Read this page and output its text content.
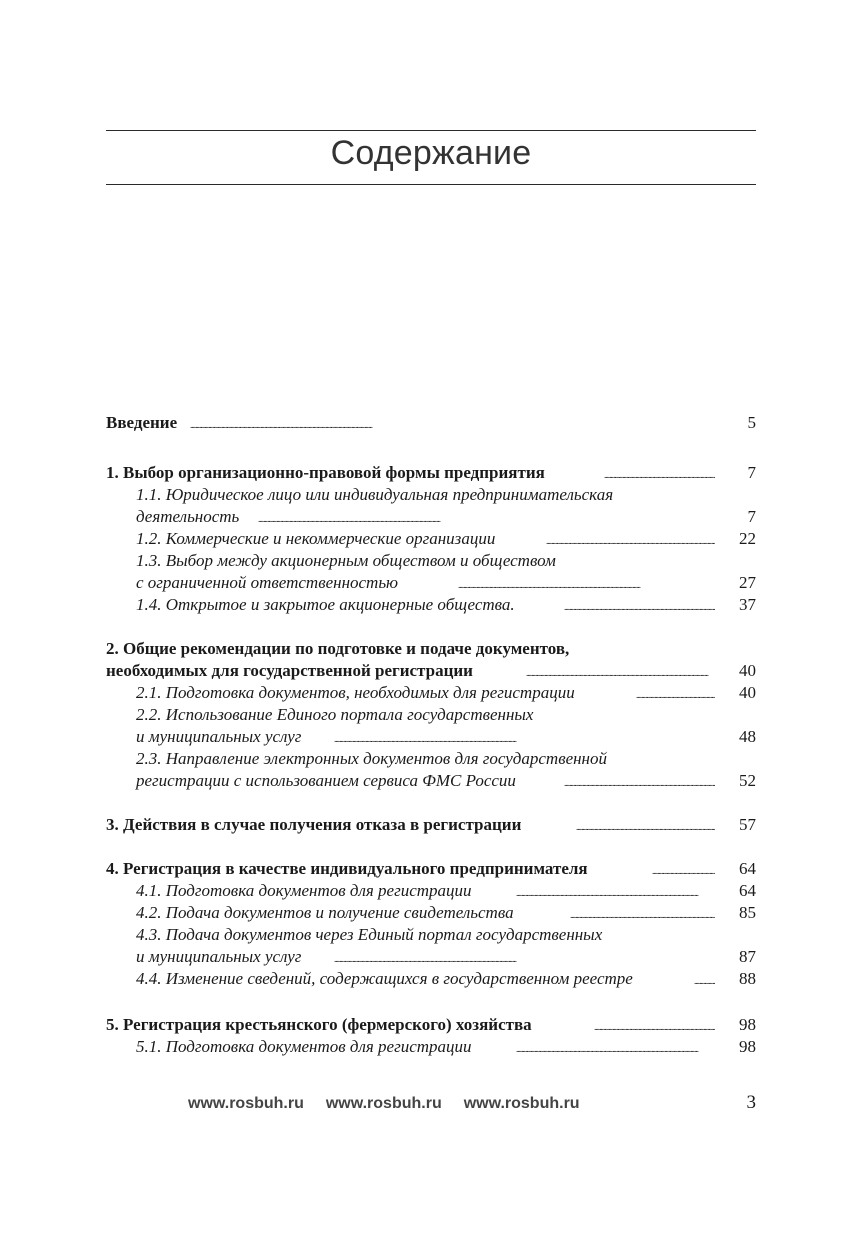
Содержание
Введение . . .	5
1. Выбор организационно-правовой формы предприятия . . .	7
1.1. Юридическое лицо или индивидуальная предпринимательская
деятельность . . .	7
1.2. Коммерческие и некоммерческие организации . . .	22
1.3. Выбор между акционерным обществом и обществом
с ограниченной ответственностью . . .	27
1.4. Открытое и закрытое акционерные общества. . . .	37
2. Общие рекомендации по подготовке и подаче документов,
необходимых для государственной регистрации . . .	40
2.1. Подготовка документов, необходимых для регистрации . . .	40
2.2. Использование Единого портала государственных
и муниципальных услуг . . .	48
2.3. Направление электронных документов для государственной
регистрации с использованием сервиса ФМС России . . .	52
3. Действия в случае получения отказа в регистрации . . .	57
4. Регистрация в качестве индивидуального предпринимателя . . .	64
4.1. Подготовка документов для регистрации . . .	64
4.2. Подача документов и получение свидетельства . . .	85
4.3. Подача документов через Единый портал государственных
и муниципальных услуг . . .	87
4.4. Изменение сведений, содержащихся в государственном реестре . . .	88
5. Регистрация крестьянского (фермерского) хозяйства . . .	98
5.1. Подготовка документов для регистрации . . .	98
www.rosbuh.ru www.rosbuh.ru www.rosbuh.ru	3
